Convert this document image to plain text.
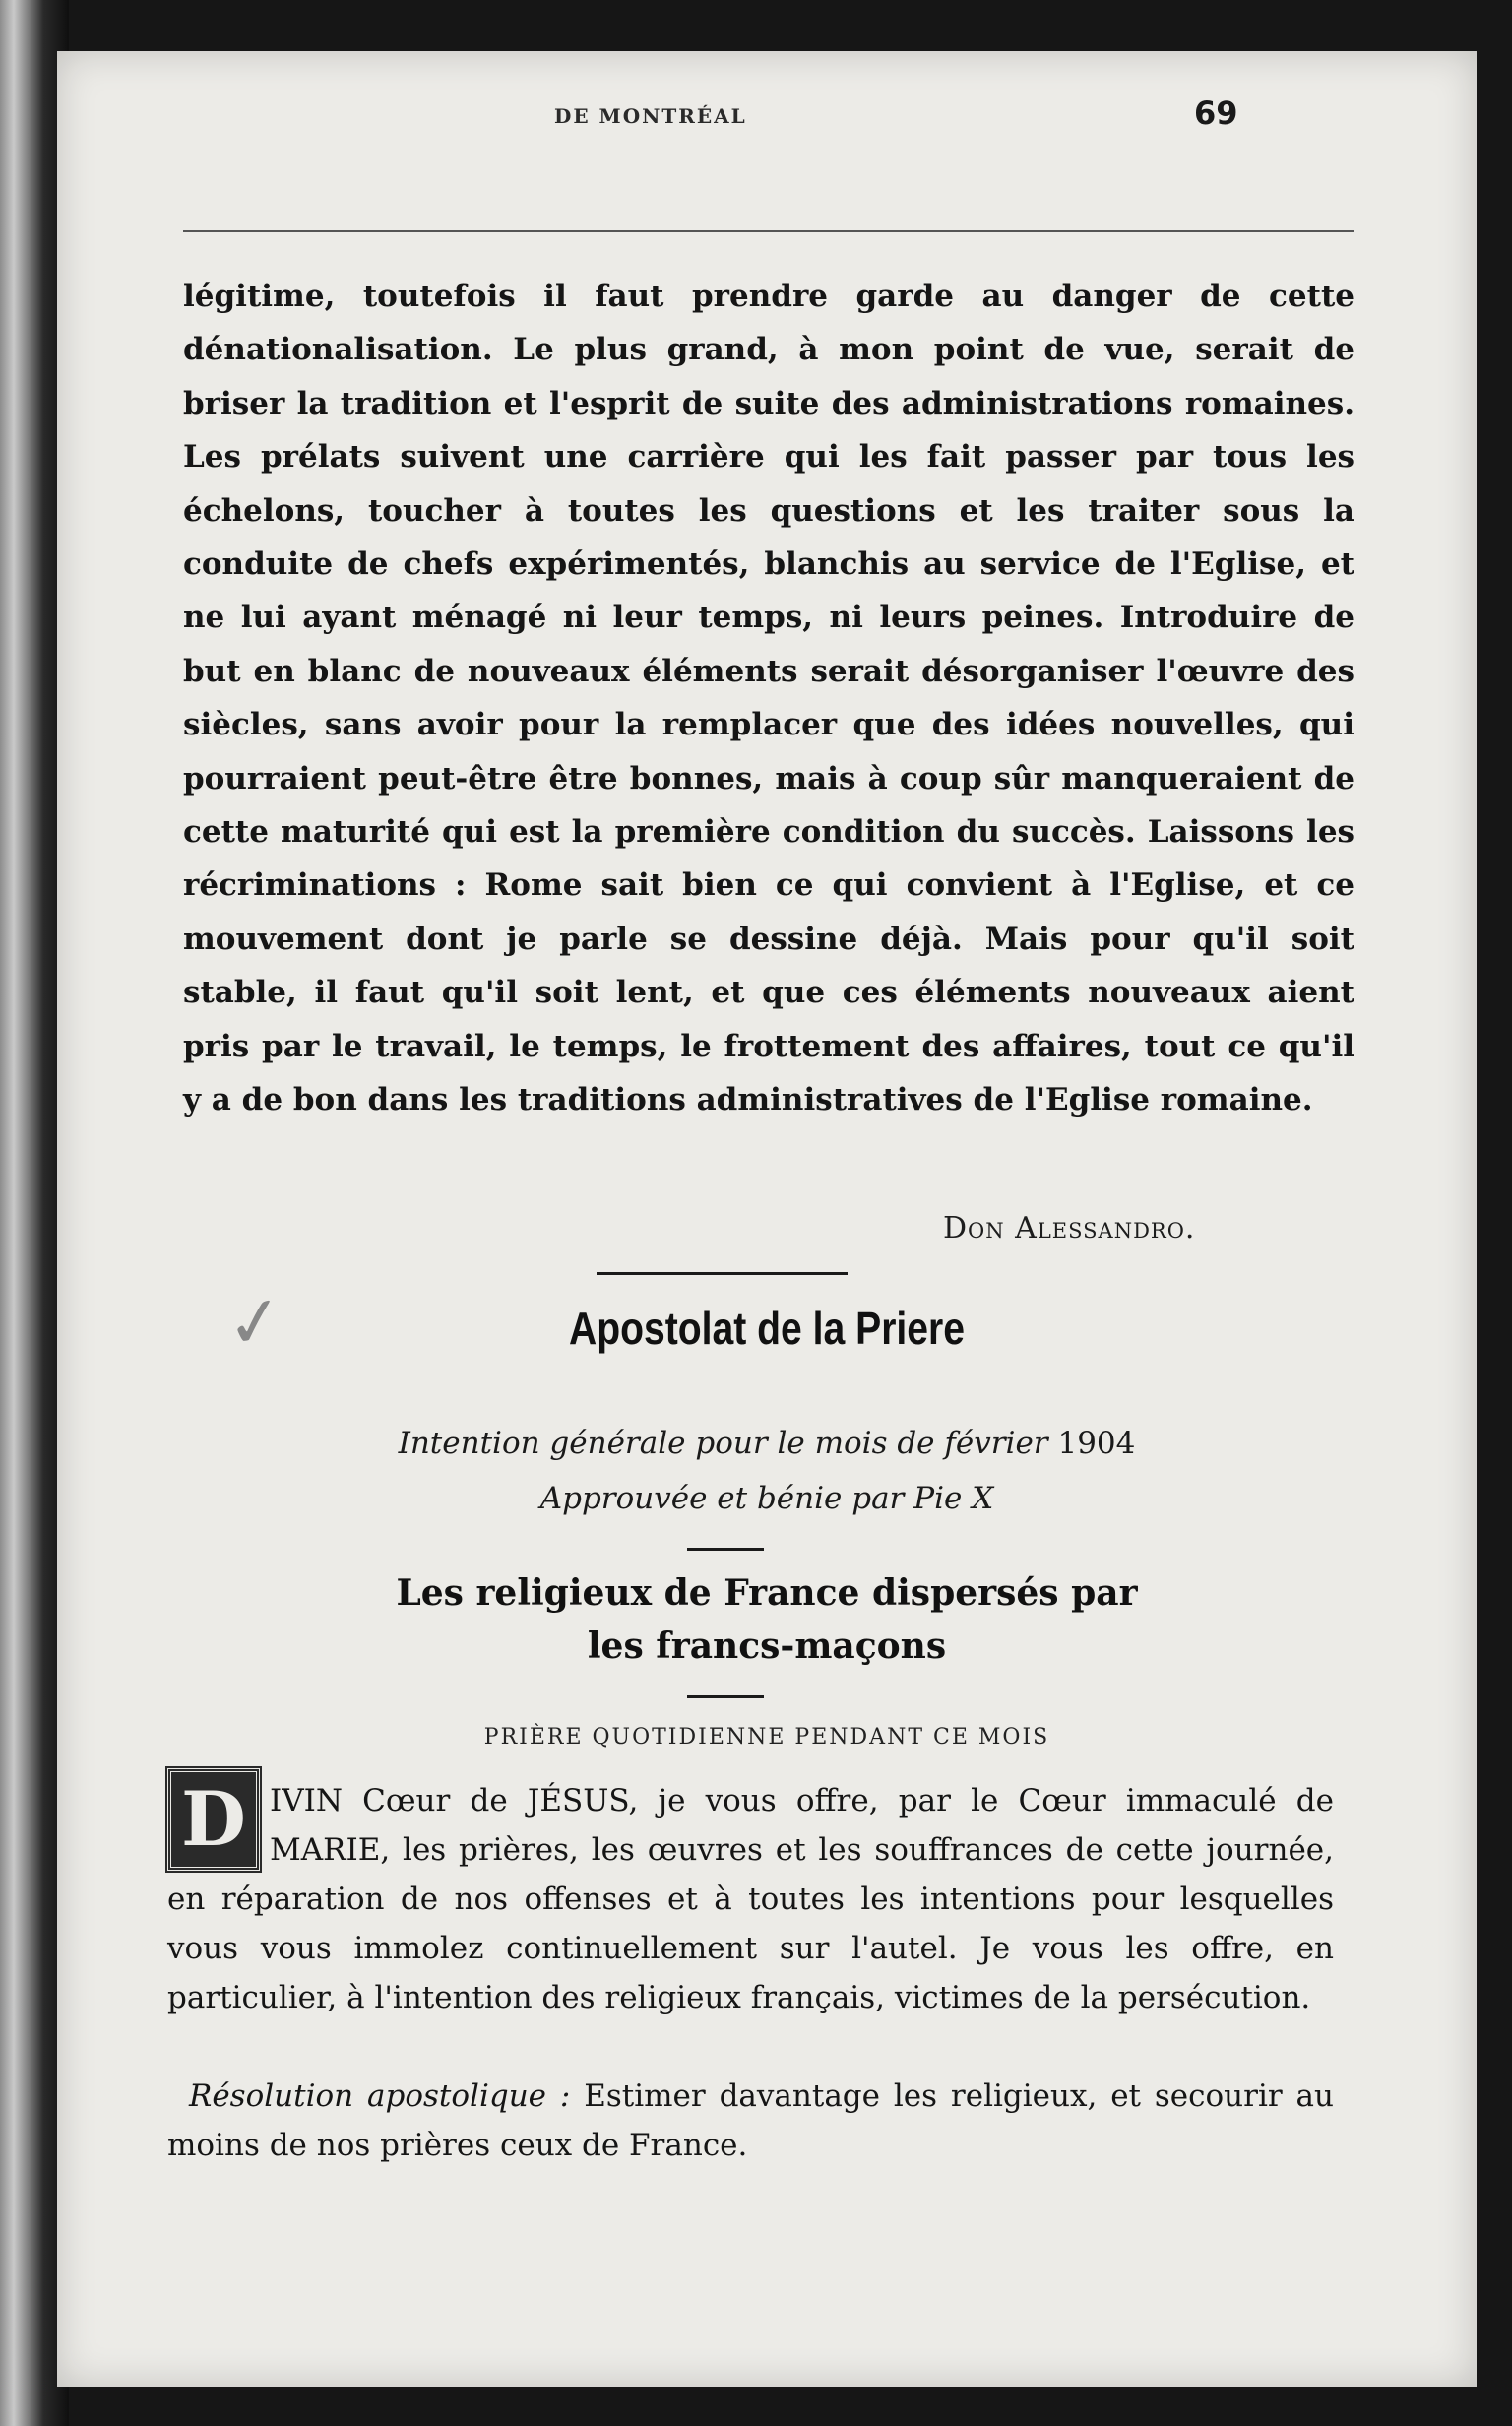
DE MONTRÉAL	69

légitime, toutefois il faut prendre garde au danger de cette dénationalisation. Le plus grand, à mon point de vue, serait de briser la tradition et l'esprit de suite des administrations romaines. Les prélats suivent une carrière qui les fait passer par tous les échelons, toucher à toutes les questions et les traiter sous la conduite de chefs expérimentés, blanchis au service de l'Eglise, et ne lui ayant ménagé ni leur temps, ni leurs peines. Introduire de but en blanc de nouveaux éléments serait désorganiser l'œuvre des siècles, sans avoir pour la remplacer que des idées nouvelles, qui pourraient peut-être être bonnes, mais à coup sûr manqueraient de cette maturité qui est la première condition du succès. Laissons les récriminations : Rome sait bien ce qui convient à l'Eglise, et ce mouvement dont je parle se dessine déjà. Mais pour qu'il soit stable, il faut qu'il soit lent, et que ces éléments nouveaux aient pris par le travail, le temps, le frottement des affaires, tout ce qu'il y a de bon dans les traditions administratives de l'Eglise romaine.

Don Alessandro.
✓	Apostolat de la Priere
Intention générale pour le mois de février 1904
Approuvée et bénie par Pie X
Les religieux de France dispersés par
les francs-maçons
PRIÈRE QUOTIDIENNE PENDANT CE MOIS
D IVIN Cœur de JÉSUS, je vous offre, par le Cœur immaculé de MARIE, les prières, les œuvres et les souffrances de cette journée, en réparation de nos offenses et à toutes les intentions pour lesquelles vous vous immolez continuellement sur l'autel. Je vous les offre, en particulier, à l'intention des religieux français, victimes de la persécution.

Résolution apostolique : Estimer davantage les religieux, et secourir au moins de nos prières ceux de France.
